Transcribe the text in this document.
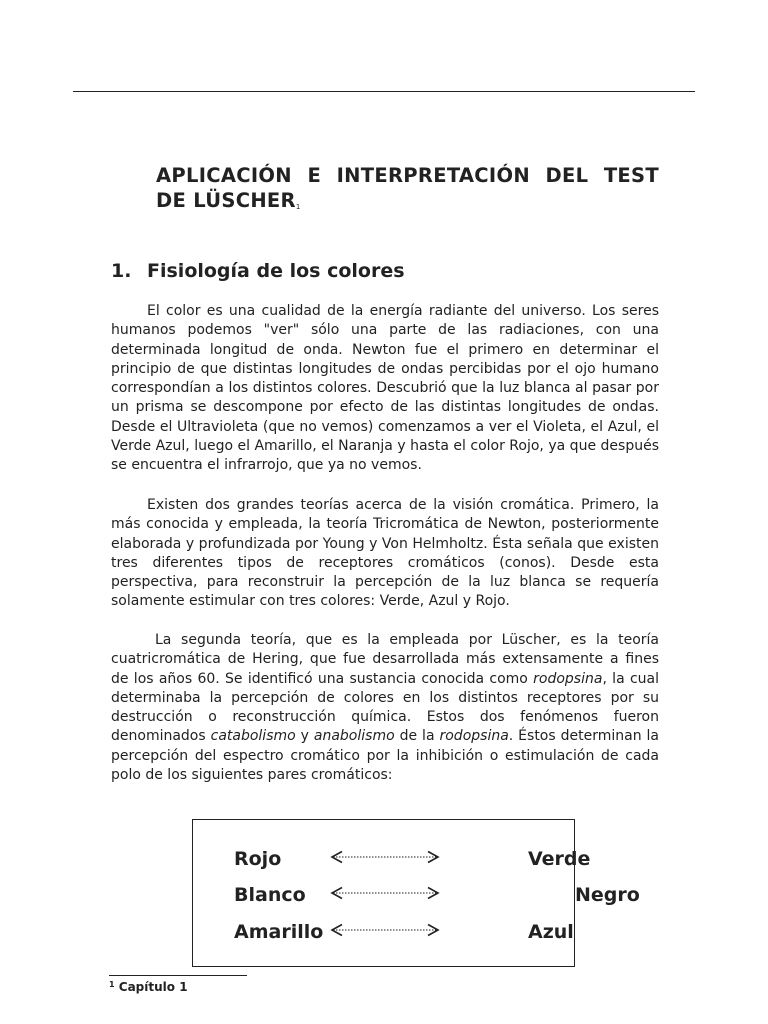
APLICACIÓN E INTERPRETACIÓN DEL TEST DE LÜSCHER$^1$
1. Fisiología de los colores

El color es una cualidad de la energía radiante del universo. Los seres humanos podemos "ver" sólo una parte de las radiaciones, con una determinada longitud de onda. Newton fue el primero en determinar el principio de que distintas longitudes de ondas percibidas por el ojo humano correspondían a los distintos colores. Descubrió que la luz blanca al pasar por un prisma se descompone por efecto de las distintas longitudes de ondas. Desde el Ultravioleta (que no vemos) comenzamos a ver el Violeta, el Azul, el Verde Azul, luego el Amarillo, el Naranja y hasta el color Rojo, ya que después se encuentra el infrarrojo, que ya no vemos.

Existen dos grandes teorías acerca de la visión cromática. Primero, la más conocida y empleada, la teoría Tricromática de Newton, posteriormente elaborada y profundizada por Young y Von Helmholtz. Ésta señala que existen tres diferentes tipos de receptores cromáticos (conos). Desde esta perspectiva, para reconstruir la percepción de la luz blanca se requería solamente estimular con tres colores: Verde, Azul y Rojo.

La segunda teoría, que es la empleada por Lüscher, es la teoría cuatricromática de Hering, que fue desarrollada más extensamente a fines de los años 60. Se identificó una sustancia conocida como rodopsina, la cual determinaba la percepción de colores en los distintos receptores por su destrucción o reconstrucción química. Estos dos fenómenos fueron denominados catabolismo y anabolismo de la rodopsina. Éstos determinan la percepción del espectro cromático por la inhibición o estimulación de cada polo de los siguientes pares cromáticos:

Rojo	Verde
Blanco	Negro
Amarillo	Azul
$^1$ Capítulo 1
